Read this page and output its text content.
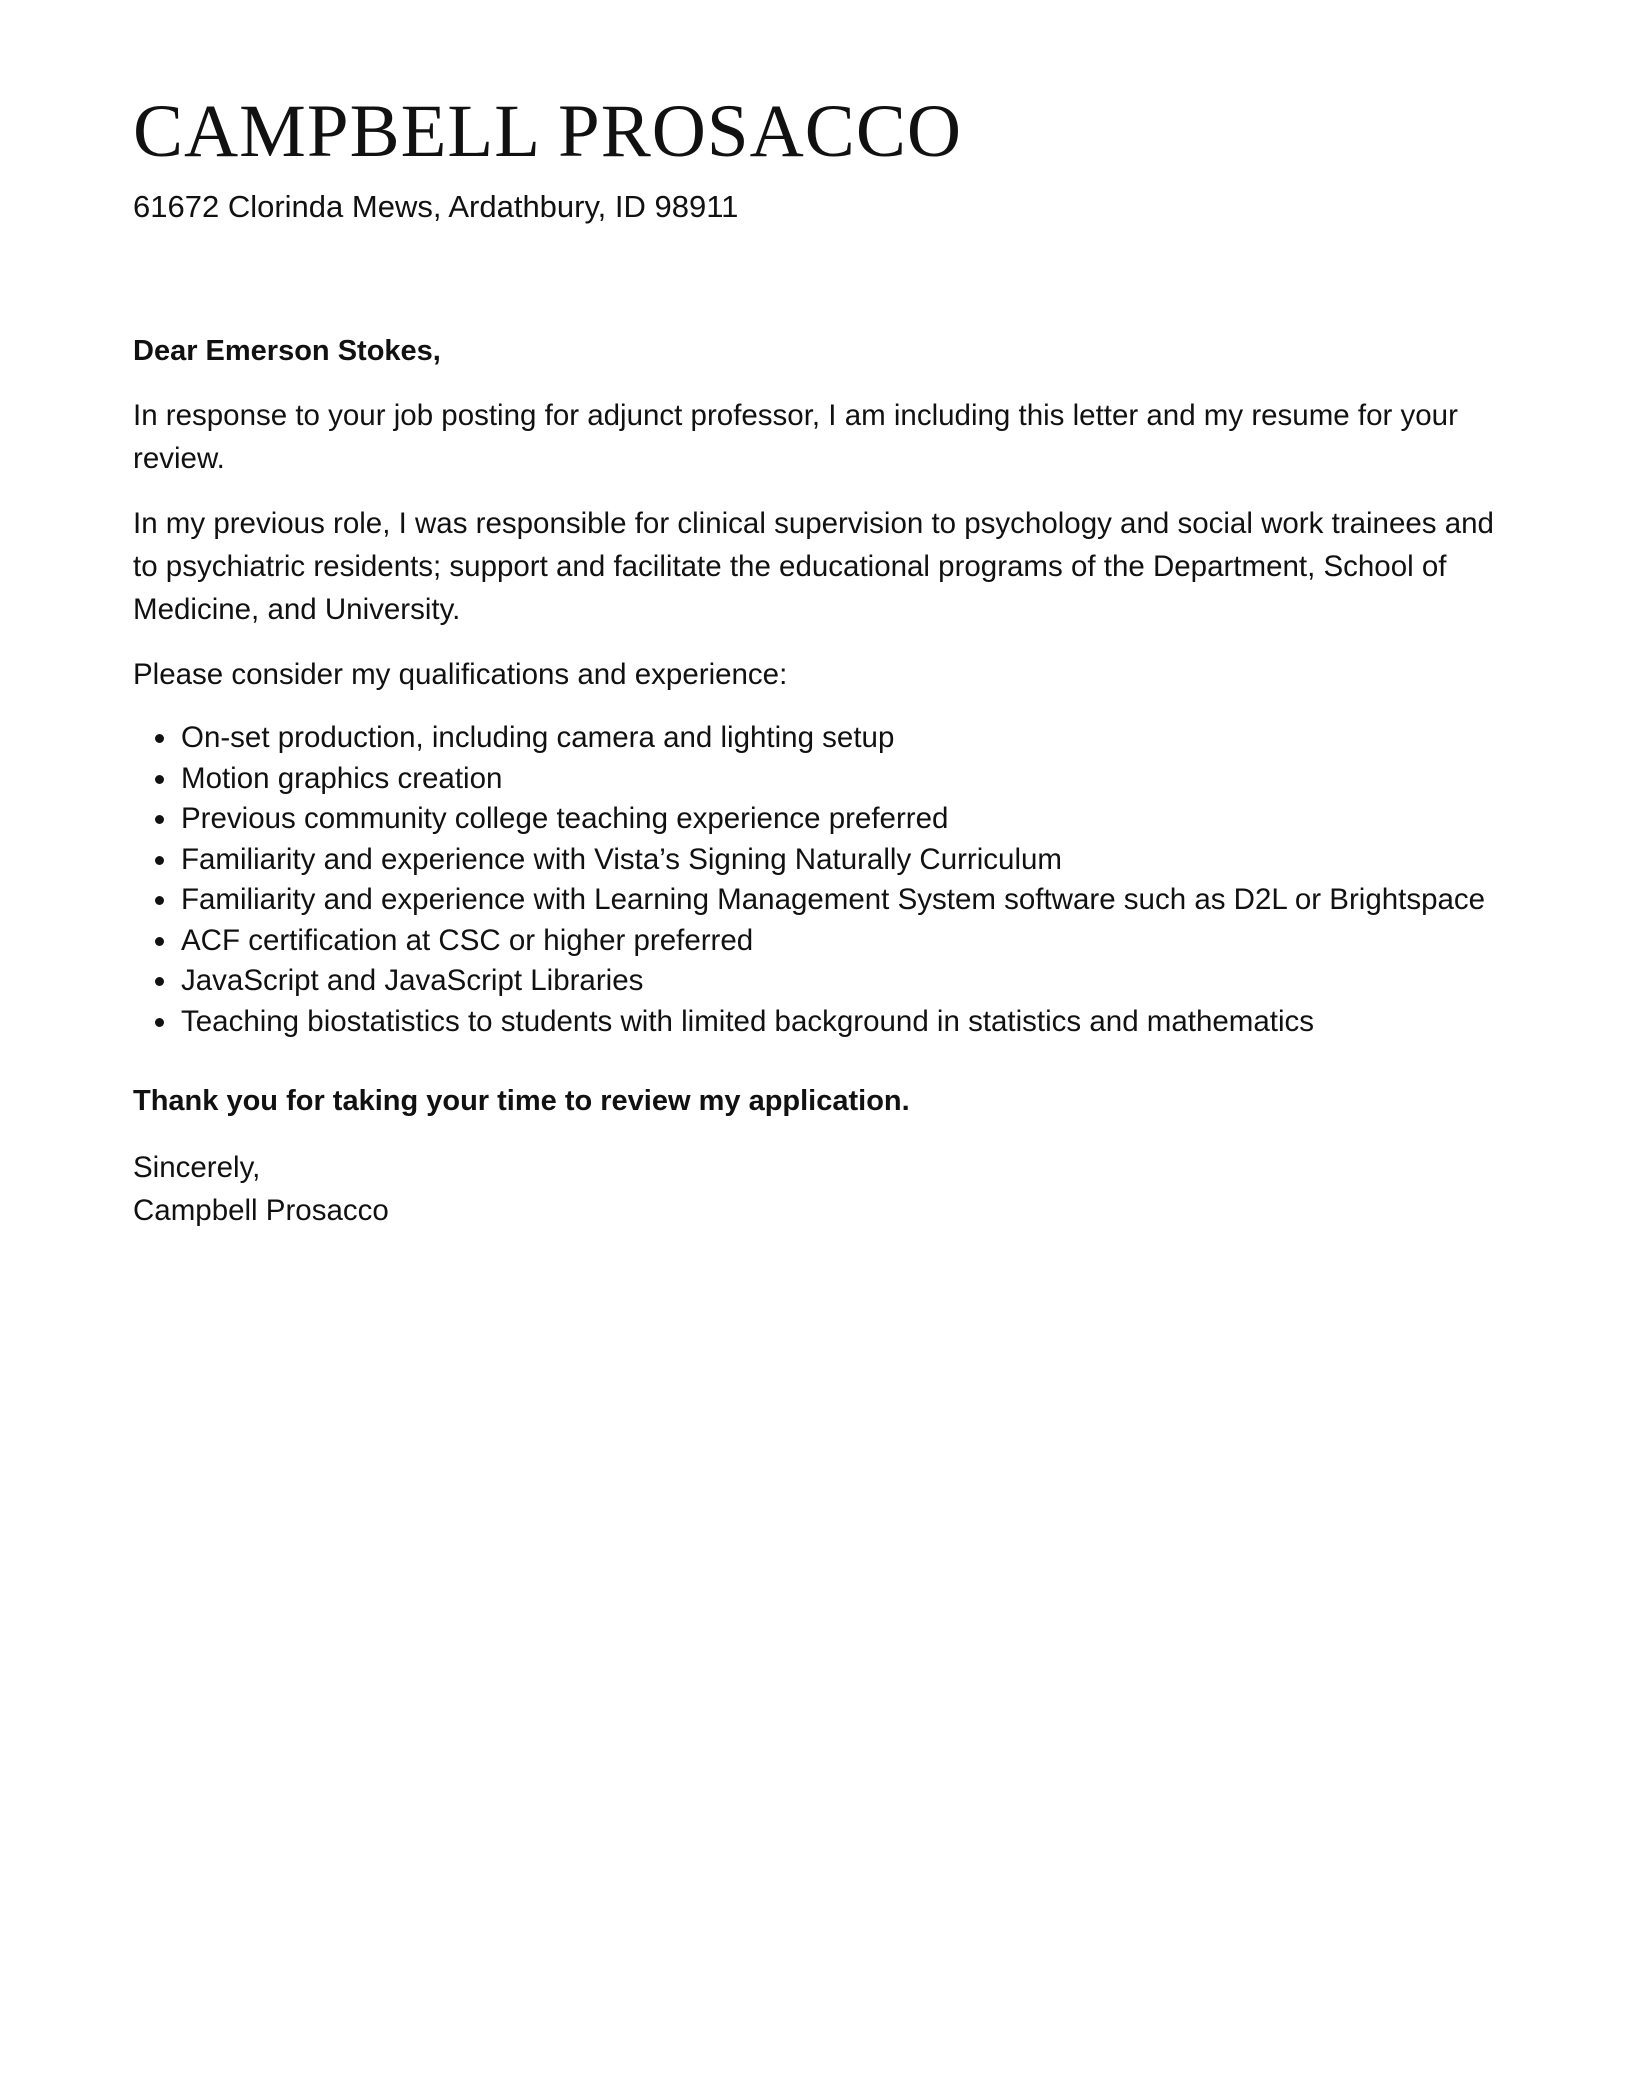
CAMPBELL PROSACCO

61672 Clorinda Mews, Ardathbury, ID 98911

Dear Emerson Stokes,

In response to your job posting for adjunct professor, I am including this letter and my resume for your review.

In my previous role, I was responsible for clinical supervision to psychology and social work trainees and to psychiatric residents; support and facilitate the educational programs of the Department, School of Medicine, and University.

Please consider my qualifications and experience:

On-set production, including camera and lighting setup
Motion graphics creation
Previous community college teaching experience preferred
Familiarity and experience with Vista’s Signing Naturally Curriculum
Familiarity and experience with Learning Management System software such as D2L or Brightspace
ACF certification at CSC or higher preferred
JavaScript and JavaScript Libraries
Teaching biostatistics to students with limited background in statistics and mathematics

Thank you for taking your time to review my application.

Sincerely,
Campbell Prosacco
